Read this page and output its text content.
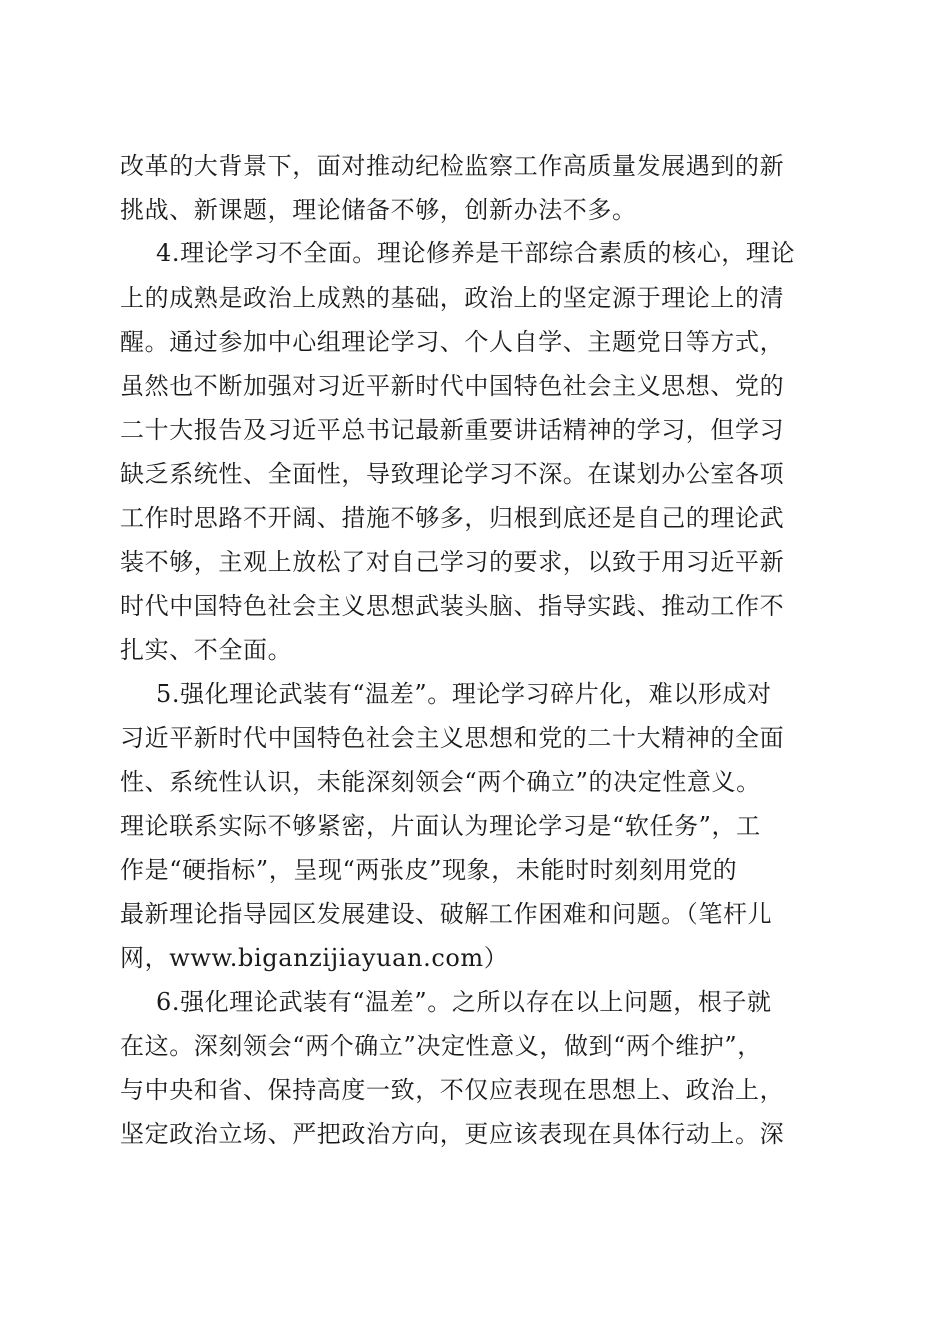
改革的大背景下，面对推动纪检监察工作高质量发展遇到的新
挑战、新课题，理论储备不够，创新办法不多。
4.理论学习不全面。理论修养是干部综合素质的核心，理论
上的成熟是政治上成熟的基础，政治上的坚定源于理论上的清
醒。通过参加中心组理论学习、个人自学、主题党日等方式，
虽然也不断加强对习近平新时代中国特色社会主义思想、党的
二十大报告及习近平总书记最新重要讲话精神的学习，但学习
缺乏系统性、全面性，导致理论学习不深。在谋划办公室各项
工作时思路不开阔、措施不够多，归根到底还是自己的理论武
装不够，主观上放松了对自己学习的要求，以致于用习近平新
时代中国特色社会主义思想武装头脑、指导实践、推动工作不
扎实、不全面。
5.强化理论武装有“温差”。理论学习碎片化，难以形成对
习近平新时代中国特色社会主义思想和党的二十大精神的全面
性、系统性认识，未能深刻领会“两个确立”的决定性意义。
理论联系实际不够紧密，片面认为理论学习是“软任务”，工
作是“硬指标”，呈现“两张皮”现象，未能时时刻刻用党的
最新理论指导园区发展建设、破解工作困难和问题。（笔杆儿
网，www.biganzijiayuan.com）
6.强化理论武装有“温差”。之所以存在以上问题，根子就
在这。深刻领会“两个确立”决定性意义，做到“两个维护”，
与中央和省、保持高度一致，不仅应表现在思想上、政治上，
坚定政治立场、严把政治方向，更应该表现在具体行动上。深
